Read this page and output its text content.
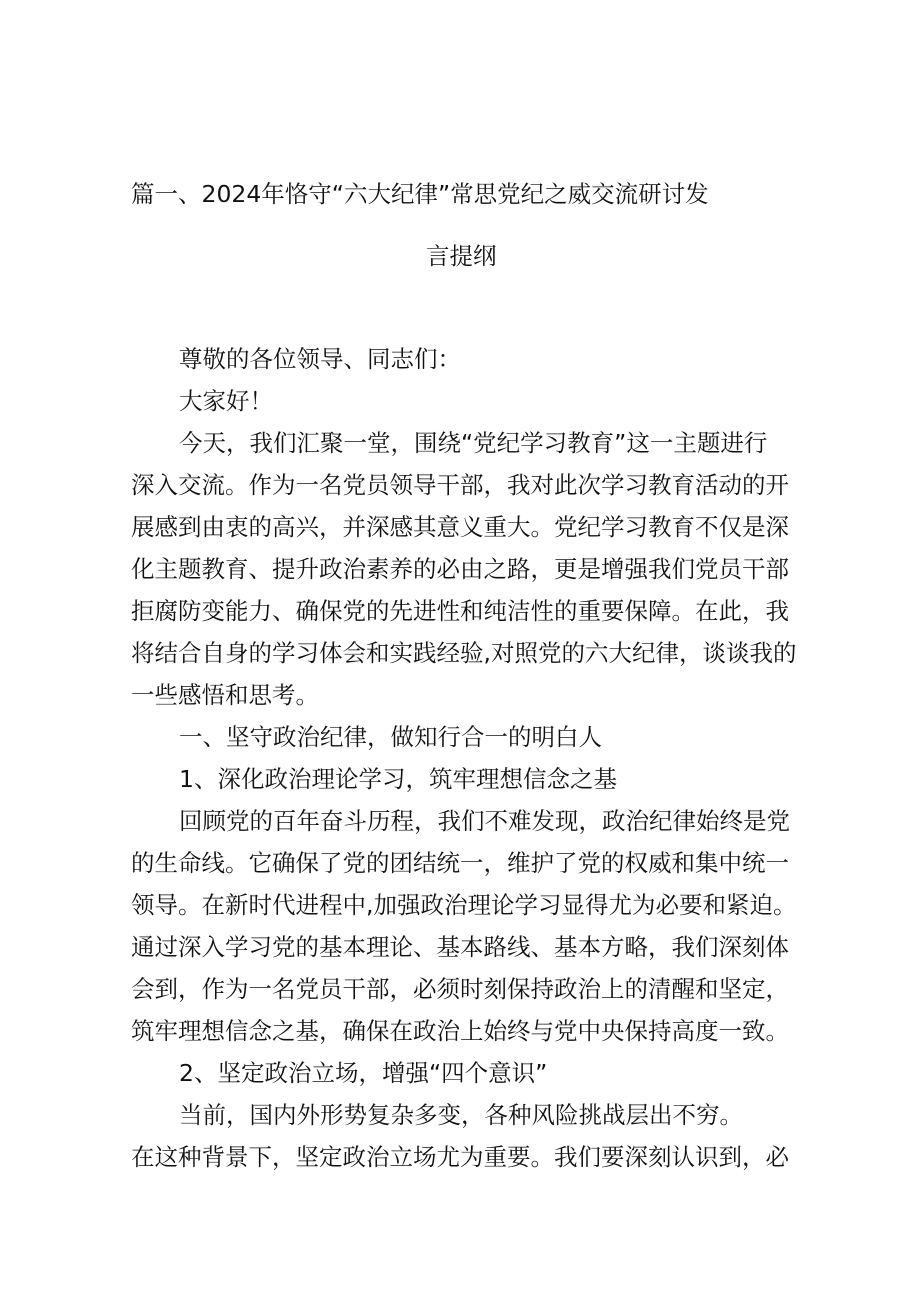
篇一、2024年恪守“六大纪律”常思党纪之威交流研讨发
言提纲

尊敬的各位领导、同志们：

大家好！

今天，我们汇聚一堂，围绕“党纪学习教育”这一主题进行

深入交流。作为一名党员领导干部，我对此次学习教育活动的开

展感到由衷的高兴，并深感其意义重大。党纪学习教育不仅是深

化主题教育、提升政治素养的必由之路，更是增强我们党员干部

拒腐防变能力、确保党的先进性和纯洁性的重要保障。在此，我

将结合自身的学习体会和实践经验,对照党的六大纪律，谈谈我的

一些感悟和思考。

一、坚守政治纪律，做知行合一的明白人

1、深化政治理论学习，筑牢理想信念之基

回顾党的百年奋斗历程，我们不难发现，政治纪律始终是党

的生命线。它确保了党的团结统一，维护了党的权威和集中统一

领导。在新时代进程中,加强政治理论学习显得尤为必要和紧迫。

通过深入学习党的基本理论、基本路线、基本方略，我们深刻体

会到，作为一名党员干部，必须时刻保持政治上的清醒和坚定，

筑牢理想信念之基，确保在政治上始终与党中央保持高度一致。

2、坚定政治立场，增强“四个意识”

当前，国内外形势复杂多变，各种风险挑战层出不穷。

在这种背景下，坚定政治立场尤为重要。我们要深刻认识到，必
